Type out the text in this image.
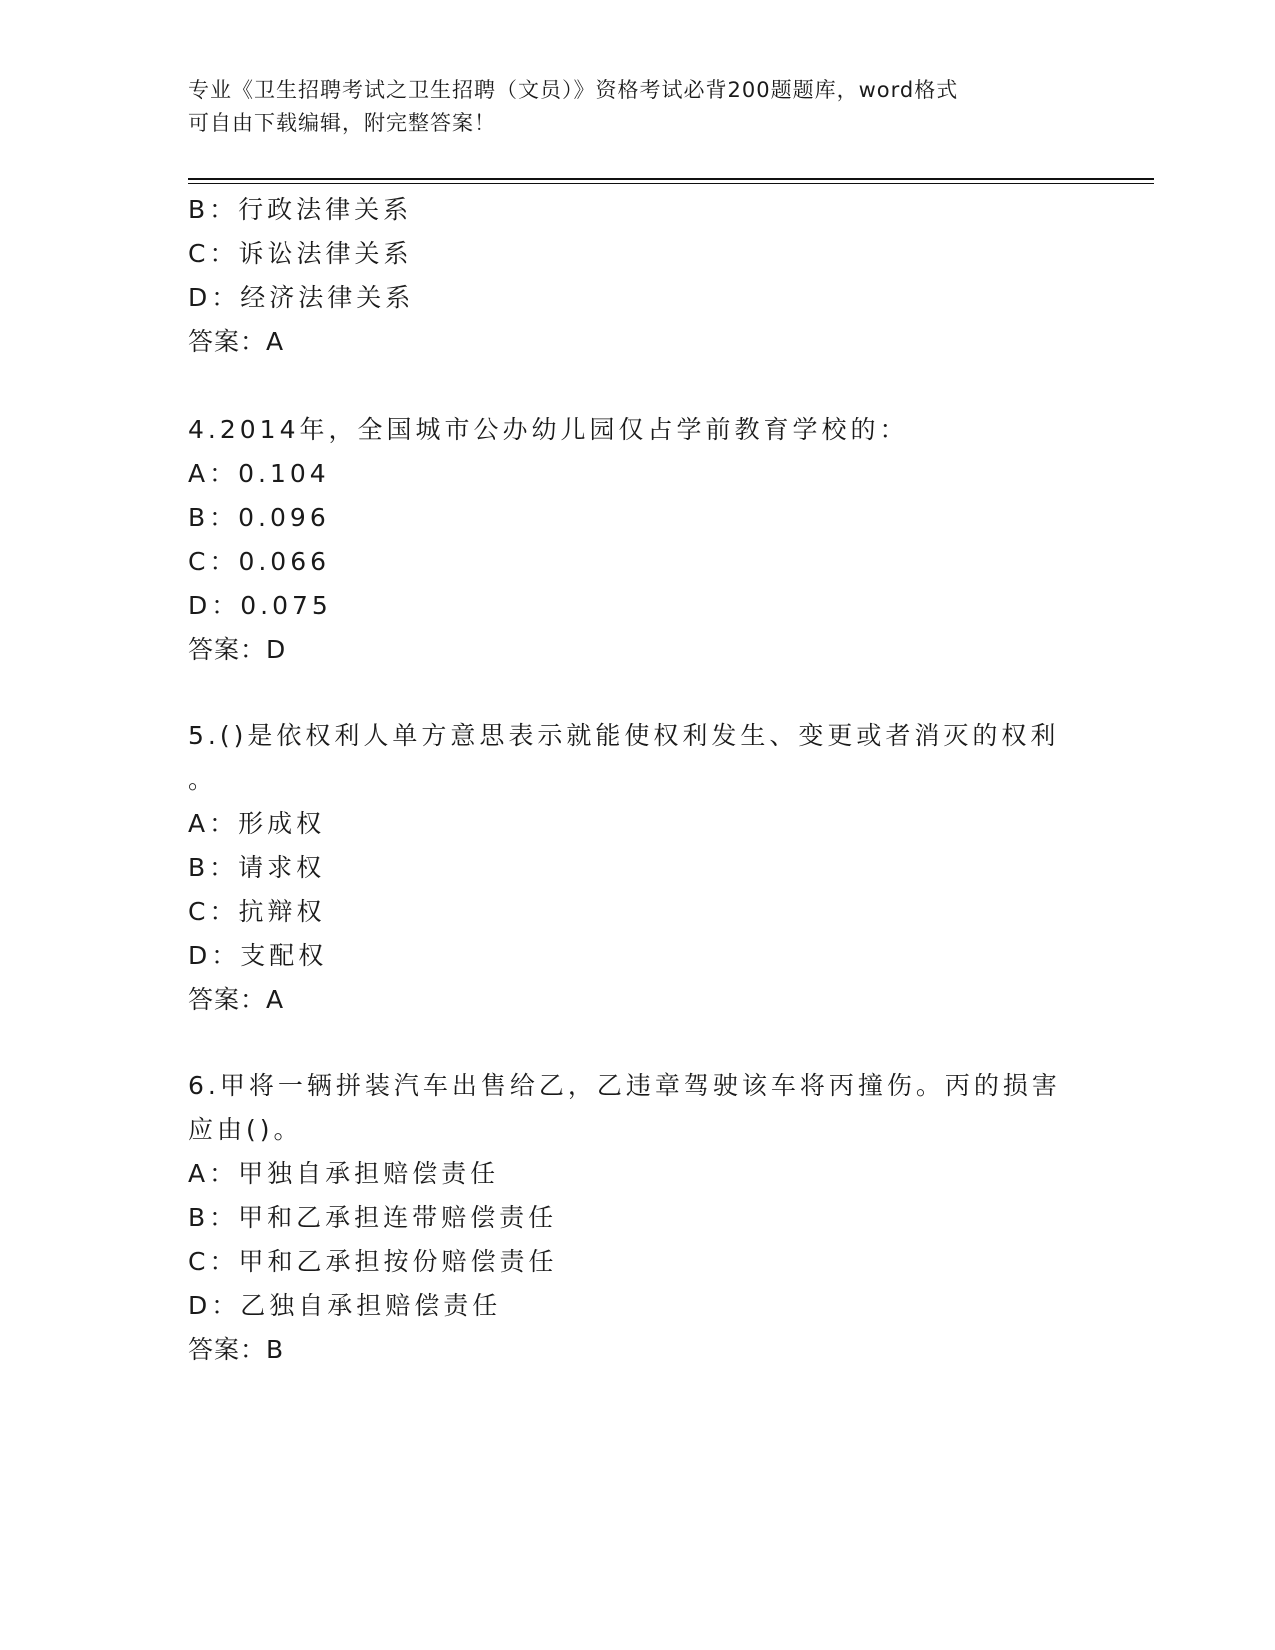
专业《卫生招聘考试之卫生招聘（文员）》资格考试必背200题题库，word格式
可自由下载编辑，附完整答案！
B：行政法律关系
C：诉讼法律关系
D：经济法律关系
答案：A
4.2014年，全国城市公办幼儿园仅占学前教育学校的：
A：0.104
B：0.096
C：0.066
D：0.075
答案：D
5.()是依权利人单方意思表示就能使权利发生、变更或者消灭的权利
。
A：形成权
B：请求权
C：抗辩权
D：支配权
答案：A
6.甲将一辆拼装汽车出售给乙，乙违章驾驶该车将丙撞伤。丙的损害
应由()。
A：甲独自承担赔偿责任
B：甲和乙承担连带赔偿责任
C：甲和乙承担按份赔偿责任
D：乙独自承担赔偿责任
答案：B
